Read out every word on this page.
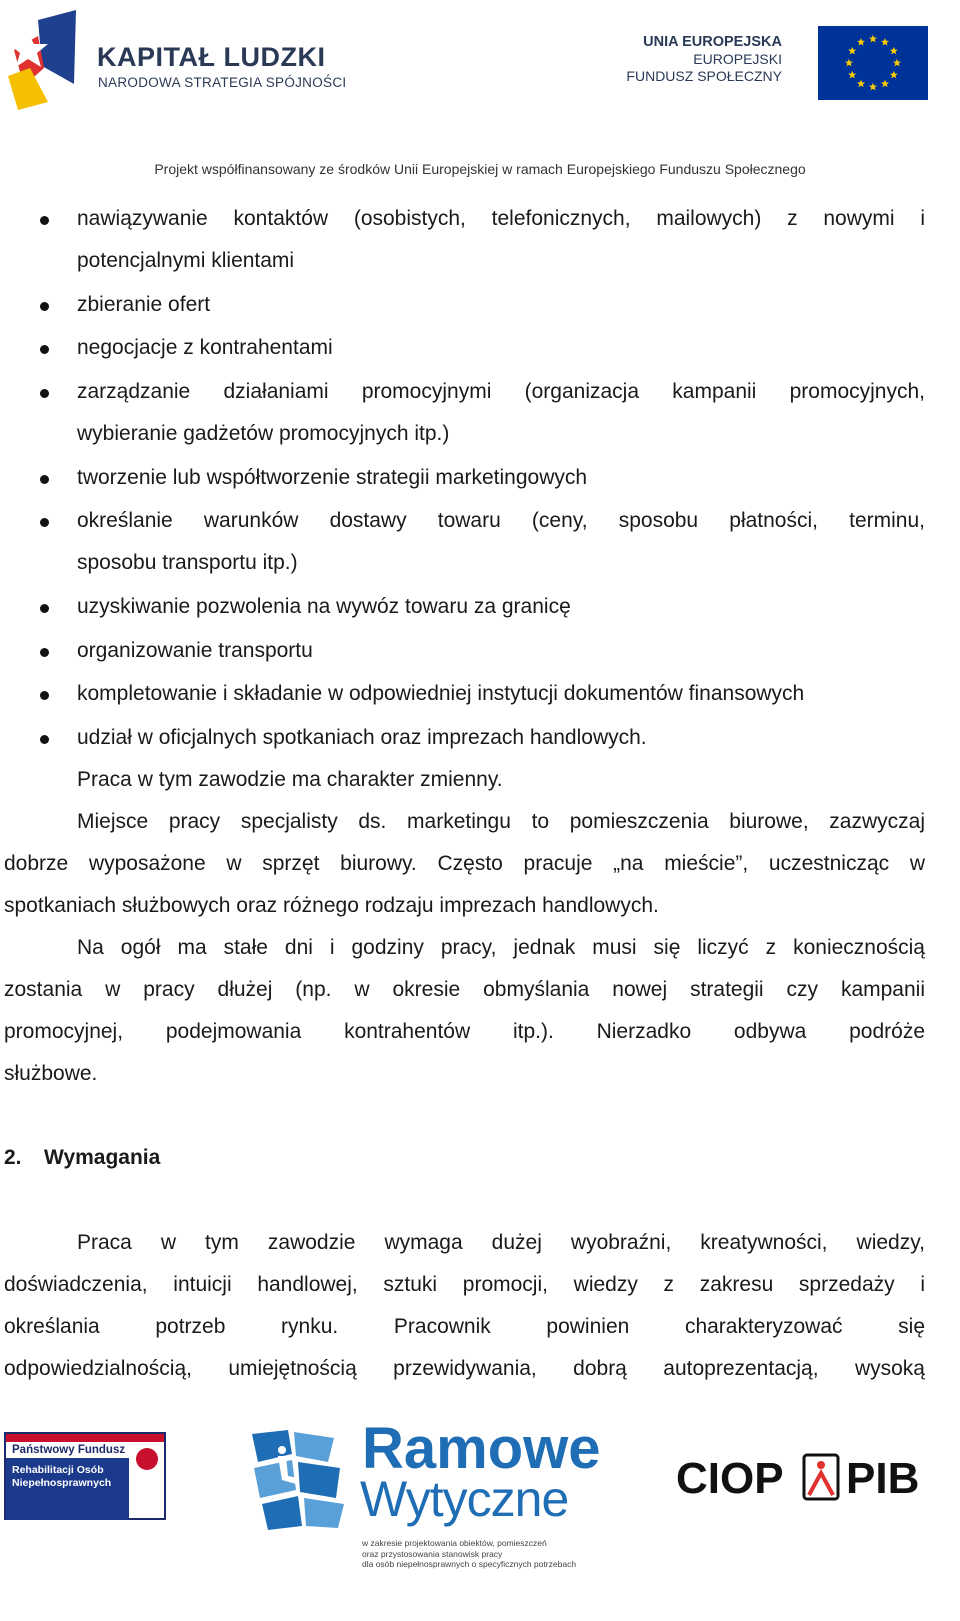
KAPITAŁ LUDZKI
NARODOWA STRATEGIA SPÓJNOŚCI
UNIA EUROPEJSKA
EUROPEJSKI
FUNDUSZ SPOŁECZNY
Projekt współfinansowany ze środków Unii Europejskiej w ramach Europejskiego Funduszu Społecznego
nawiązywanie kontaktów (osobistych, telefonicznych, mailowych) z nowymi i
potencjalnymi klientami
zbieranie ofert
negocjacje z kontrahentami
zarządzanie działaniami promocyjnymi (organizacja kampanii promocyjnych,
wybieranie gadżetów promocyjnych itp.)
tworzenie lub współtworzenie strategii marketingowych
określanie warunków dostawy towaru (ceny, sposobu płatności, terminu,
sposobu transportu itp.)
uzyskiwanie pozwolenia na wywóz towaru za granicę
organizowanie transportu
kompletowanie i składanie w odpowiedniej instytucji dokumentów finansowych
udział w oficjalnych spotkaniach oraz imprezach handlowych.
Praca w tym zawodzie ma charakter zmienny.
Miejsce pracy specjalisty ds. marketingu to pomieszczenia biurowe, zazwyczaj
dobrze wyposażone w sprzęt biurowy. Często pracuje „na mieście”, uczestnicząc w
spotkaniach służbowych oraz różnego rodzaju imprezach handlowych.
Na ogół ma stałe dni i godziny pracy, jednak musi się liczyć z koniecznością
zostania w pracy dłużej (np. w okresie obmyślania nowej strategii czy kampanii
promocyjnej, podejmowania kontrahentów itp.). Nierzadko odbywa podróże
służbowe.
2. Wymagania
Praca w tym zawodzie wymaga dużej wyobraźni, kreatywności, wiedzy,
doświadczenia, intuicji handlowej, sztuki promocji, wiedzy z zakresu sprzedaży i
określania potrzeb rynku. Pracownik powinien charakteryzować się
odpowiedzialnością, umiejętnością przewidywania, dobrą autoprezentacją, wysoką
Państwowy Fundusz
Rehabilitacji Osób
Niepełnosprawnych
Ramowe
Wytyczne
w zakresie projektowania obiektów, pomieszczeń
oraz przystosowania stanowisk pracy
dla osób niepełnosprawnych o specyficznych potrzebach
CIOP PIB
